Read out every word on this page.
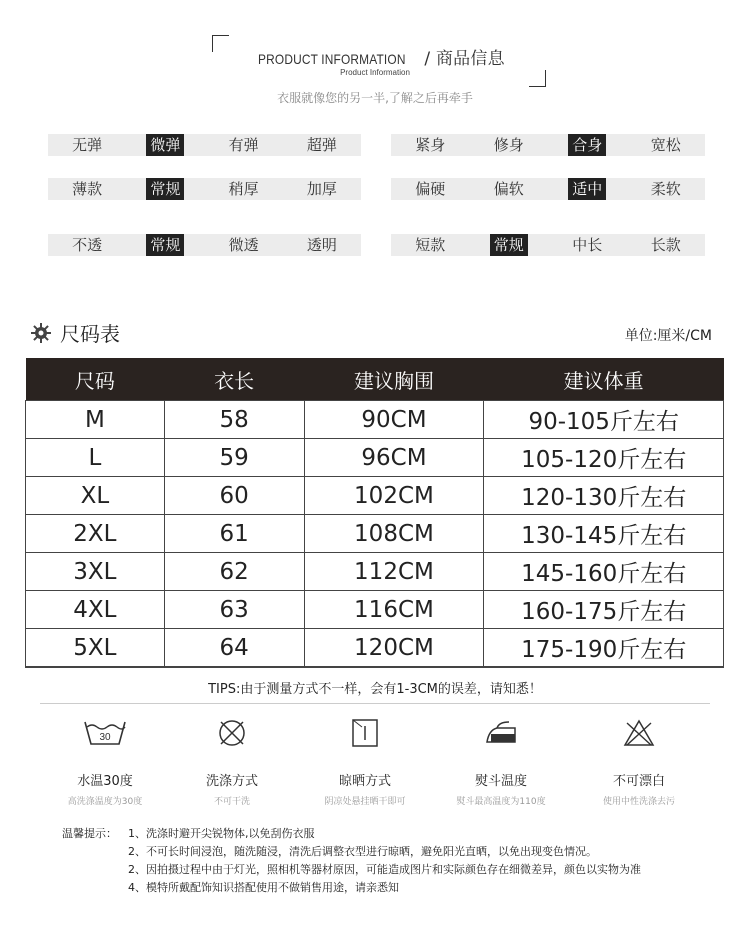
PRODUCT INFORMATION / 商品信息
Product Information
衣服就像您的另一半,了解之后再牵手
无弹	微弹	有弹	超弹	紧身	修身	合身	宽松
薄款	常规	稍厚	加厚	偏硬	偏软	适中	柔软
不透	常规	微透	透明	短款	常规	中长	长款
尺码表	单位:厘米/CM
尺码	衣长	建议胸围	建议体重
M	58	90CM	90-105斤左右
L	59	96CM	105-120斤左右
XL	60	102CM	120-130斤左右
2XL	61	108CM	130-145斤左右
3XL	62	112CM	145-160斤左右
4XL	63	116CM	160-175斤左右
5XL	64	120CM	175-190斤左右
TIPS:由于测量方式不一样，会有1-3CM的误差，请知悉！
30
水温30度
高洗涤温度为30度
洗涤方式
不可干洗
晾晒方式
阴凉处悬挂晒干即可
熨斗温度
熨斗最高温度为110度
不可漂白
使用中性洗涤去污
温馨提示：	1、洗涤时避开尖锐物体,以免刮伤衣服
2、不可长时间浸泡，随洗随浸，清洗后调整衣型进行晾晒，避免阳光直晒，以免出现变色情况。
2、因拍摄过程中由于灯光，照相机等器材原因，可能造成图片和实际颜色存在细微差异，颜色以实物为准
4、模特所戴配饰知识搭配使用不做销售用途，请亲悉知
